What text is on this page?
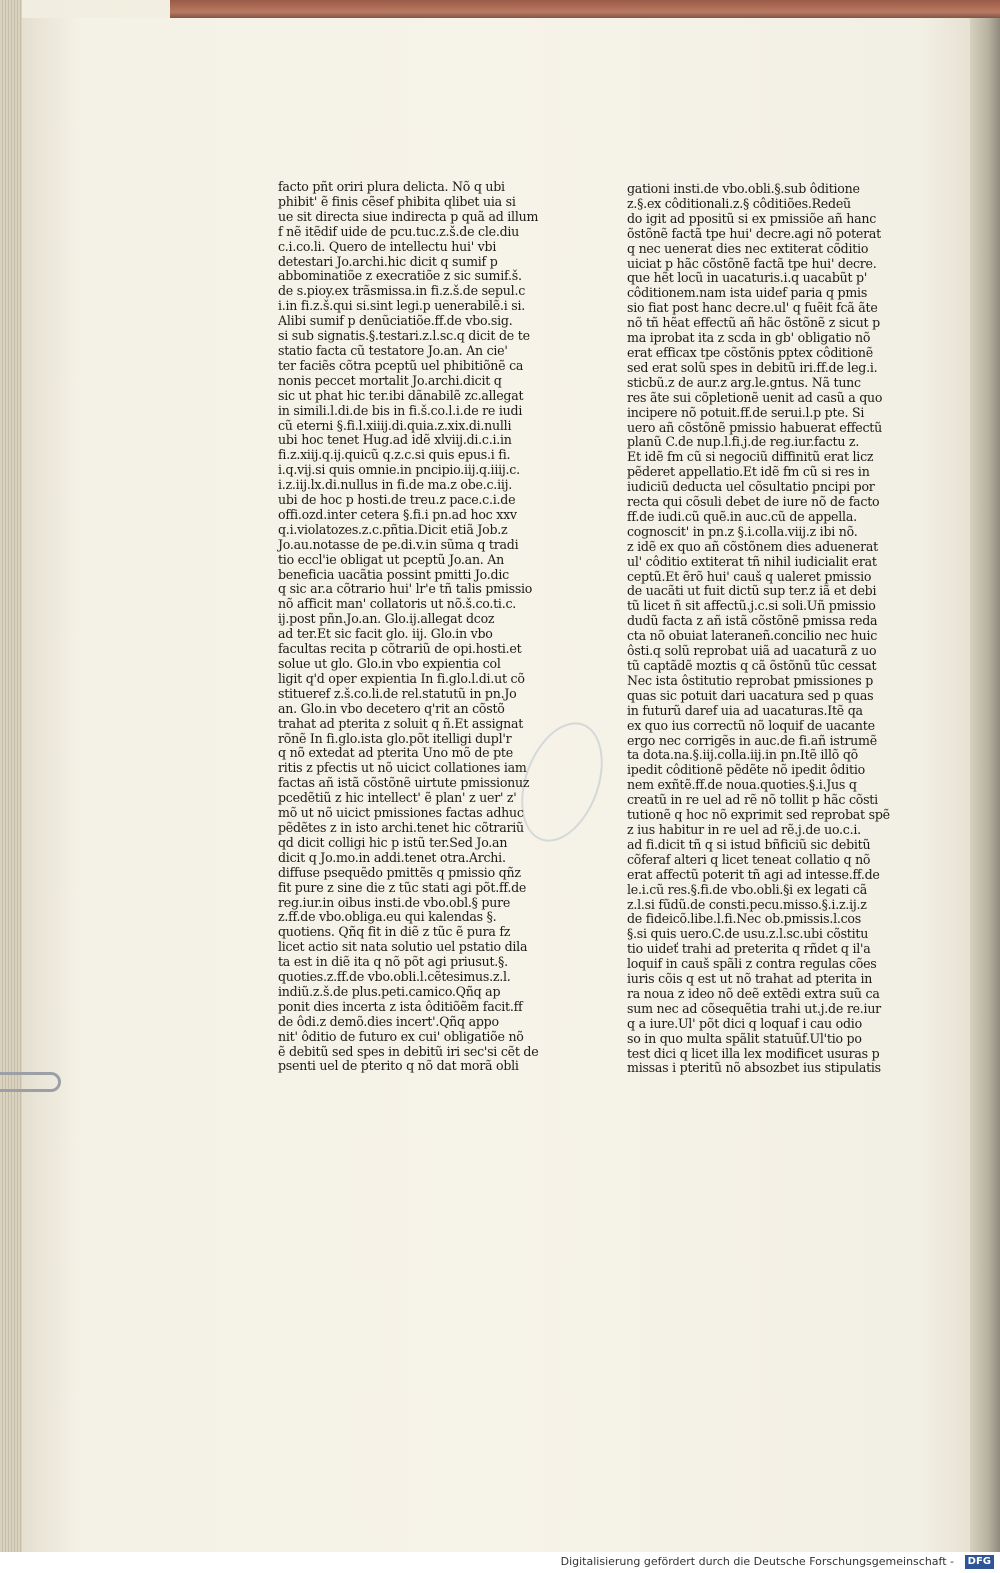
facto pñt oriri plura delicta. Nõ q ubi
phibit' ẽ finis cẽsef phibita qlibet uia si
ue sit directa siue indirecta p quã ad illum
f nẽ itẽdif uide de pcu.tuc.z.š.de cle.diu
c.i.co.li. Quero de intellectu hui' vbi
detestari Jo.archi.hic dicit q sumif p
abbominatiõe z execratiõe z sic sumif.š.
de s.pioy.ex trãsmissa.in fi.z.š.de sepul.c
i.in fi.z.š.qui si.sint legi.p uenerabilẽ.i si.
Alibi sumif p denũciatiõe.ff.de vbo.sig.
si sub signatis.§.testari.z.l.sc.q dicit de te
statio facta cũ testatore Jo.an. An cie'
ter faciẽs cõtra pceptũ uel phibitiõnẽ ca
nonis peccet mortalit Jo.archi.dicit q
sic ut phat hic ter.ibi dãnabilẽ zc.allegat
in simili.l.di.de bis in fi.š.co.l.i.de re iudi
cũ eterni §.fi.l.xiiij.di.quia.z.xix.di.nulli
ubi hoc tenet Hug.ad idẽ xlviij.di.c.i.in
fi.z.xiij.q.ij.quicũ q.z.c.si quis epus.i fi.
i.q.vij.si quis omnie.in pncipio.iij.q.iiij.c.
i.z.iij.lx.di.nullus in fi.de ma.z obe.c.iij.
ubi de hoc p hosti.de treu.z pace.c.i.de
offi.ozd.inter cetera §.fi.i pn.ad hoc xxv
q.i.violatozes.z.c.pñtia.Dicit etiã Job.z
Jo.au.notasse de pe.di.v.in sũma q tradi
tio eccl'ie obligat ut pceptũ Jo.an. An
beneficia uacãtia possint pmitti Jo.dic
q sic ar.a cõtrario hui' lr'e tñ talis pmissio
nõ afficit man' collatoris ut nõ.š.co.ti.c.
ij.post pñn.Jo.an. Glo.ij.allegat dcoz
ad ter.Et sic facit glo. iij. Glo.in vbo
facultas recita p cõtrariũ de opi.hosti.et
solue ut glo. Glo.in vbo expientia col
ligit q'd oper expientia In fi.glo.l.di.ut cõ
stitueref z.š.co.li.de rel.statutũ in pn.Jo
an. Glo.in vbo decetero q'rit an cõstõ
trahat ad pterita z soluit q ñ.Et assignat
rõnẽ In fi.glo.ista glo.põt itelligi dupl'r
q nõ extedat ad pterita Uno mõ de pte
ritis z pfectis ut nõ uicict collationes iam
factas añ istã cõstõnẽ uirtute pmissionuz
pcedẽtiũ z hic intellect' ẽ plan' z uer' z'
mõ ut nõ uicict pmissiones factas adhuc
pẽdẽtes z in isto archi.tenet hic cõtrariũ
qd dicit colligi hic p istũ ter.Sed Jo.an
dicit q Jo.mo.in addi.tenet otra.Archi.
diffuse psequẽdo pmittẽs q pmissio qñz
fit pure z sine die z tũc stati agi põt.ff.de
reg.iur.in oibus insti.de vbo.obl.§ pure
z.ff.de vbo.obliga.eu qui kalendas §.
quotiens. Qñq fit in diẽ z tũc ẽ pura fz
licet actio sit nata solutio uel pstatio dila
ta est in diẽ ita q nõ põt agi priusut.§.
quoties.z.ff.de vbo.obli.l.cẽtesimus.z.l.
indiũ.z.š.de plus.peti.camico.Qñq ap
ponit dies incerta z ista ôditiõẽm facit.ff
de ôdi.z demõ.dies incert'.Qñq appo
nit' ôditio de futuro ex cui' obligatiõe nõ
ẽ debitũ sed spes in debitũ iri sec'si cẽt de
psenti uel de pterito q nõ dat morã obli
gationi insti.de vbo.obli.§.sub ôditione
z.§.ex côditionali.z.§ côditiões.Redeũ
do igit ad ppositũ si ex pmissiõe añ hanc
õstõnẽ factã tpe hui' decre.agi nõ poterat
q nec uenerat dies nec extiterat cõditio
uiciat p hãc cõstõnẽ factã tpe hui' decre.
que hẽt locũ in uacaturis.i.q uacabũt p'
côditionem.nam ista uidef paria q pmis
sio fiat post hanc decre.ul' q fuẽit fcã ãte
nõ tñ hẽat effectũ añ hãc õstõnẽ z sicut p
ma iprobat ita z scda in gb' obligatio nõ
erat efficax tpe cõstõnis pptex côditionẽ
sed erat solũ spes in debitũ iri.ff.de leg.i.
sticbũ.z de aur.z arg.le.gntus. Nã tunc
res ãte sui cõpletionẽ uenit ad casũ a quo
incipere nõ potuit.ff.de serui.l.p pte. Si
uero añ cõstõnẽ pmissio habuerat effectũ
planũ C.de nup.l.fi.j.de reg.iur.factu z.
Et idẽ fm cũ si negociũ diffinitũ erat licz
pẽderet appellatio.Et idẽ fm cũ si res in
iudiciũ deducta uel cõsultatio pncipi por
recta qui cõsuli debet de iure nõ de facto
ff.de iudi.cũ quẽ.in auc.cũ de appella.
cognoscit' in pn.z §.i.colla.viij.z ibi nõ.
z idẽ ex quo añ cõstõnem dies aduenerat
ul' côditio extiterat tñ nihil iudicialit erat
ceptũ.Et ẽrõ hui' cauš q ualeret pmissio
de uacãti ut fuit dictũ sup ter.z iã et debi
tũ licet ñ sit affectũ.j.c.si soli.Uñ pmissio
dudũ facta z añ istã cõstõnẽ pmissa reda
cta nõ obuiat lateraneñ.concilio nec huic
ôsti.q solũ reprobat uiã ad uacaturã z uo
tũ captãdẽ moztis q cã õstõnũ tũc cessat
Nec ista ôstitutio reprobat pmissiones p
quas sic potuit dari uacatura sed p quas
in futurũ daref uia ad uacaturas.Itẽ qa
ex quo ius correctũ nõ loquif de uacante
ergo nec corrigẽs in auc.de fi.añ istrumẽ
ta dota.na.§.iij.colla.iij.in pn.Itẽ illõ qõ
ipedit côditionẽ pẽdẽte nõ ipedit ôditio
nem exñtẽ.ff.de noua.quoties.§.i.Jus q
creatũ in re uel ad rẽ nõ tollit p hãc cõsti
tutionẽ q hoc nõ exprimit sed reprobat spẽ
z ius habitur in re uel ad rẽ.j.de uo.c.i.
ad fi.dicit tñ q si istud bñficiũ sic debitũ
cõferaf alteri q licet teneat collatio q nõ
erat affectũ poterit tñ agi ad intesse.ff.de
le.i.cũ res.§.fi.de vbo.obli.§i ex legati cã
z.l.si fũdũ.de consti.pecu.misso.§.i.z.ij.z
de fideicõ.libe.l.fi.Nec ob.pmissis.l.cos
§.si quis uero.C.de usu.z.l.sc.ubi cõstitu
tio uideť trahi ad preterita q rñdet q il'a
loquif in cauš spãli z contra regulas cões
iuris cõis q est ut nõ trahat ad pterita in
ra noua z ideo nõ deẽ extẽdi extra suũ ca
sum nec ad cõsequẽtia trahi ut.j.de re.iur
q a iure.Ul' põt dici q loquaf i cau odio
so in quo multa spãlit statuũf.Ul'tio po
test dici q licet illa lex modificet usuras p
missas i pteritũ nõ absozbet ius stipulatis
Digitalisierung gefördert durch die Deutsche Forschungsgemeinschaft -	DFG
